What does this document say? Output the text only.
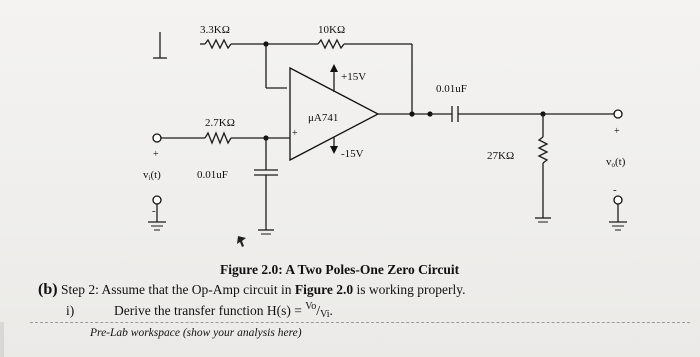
+
vi(t)
-
2.7KΩ
3.3KΩ
0.01uF
10KΩ
μA741
+
+15V
-15V
0.01uF
27KΩ
+
vo(t)
-
Figure 2.0: A Two Poles-One Zero Circuit
(b) Step 2: Assume that the Op-Amp circuit in Figure 2.0 is working properly.
i)	Derive the transfer function H(s) = $^{Vo}$/Vi.
Pre-Lab workspace (show your analysis here)
